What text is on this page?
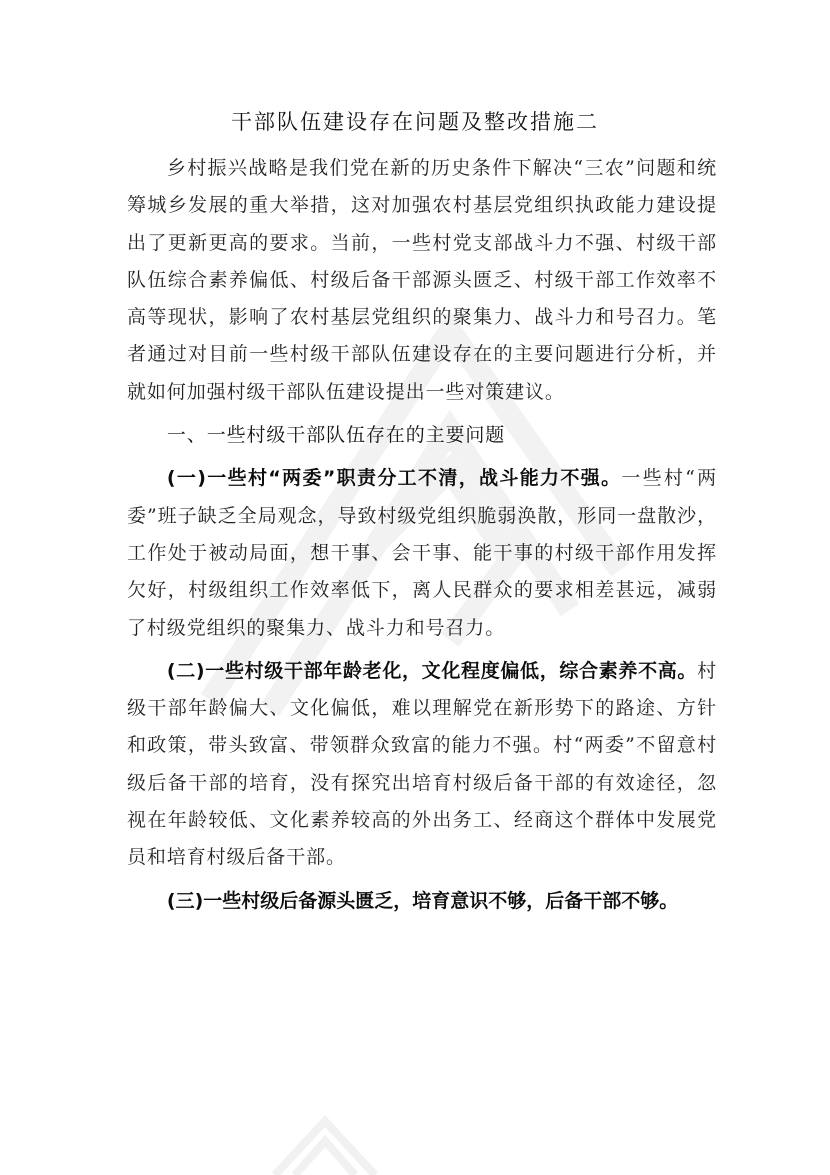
干部队伍建设存在问题及整改措施二

乡村振兴战略是我们党在新的历史条件下解决“三农”问题和统筹城乡发展的重大举措，这对加强农村基层党组织执政能力建设提出了更新更高的要求。当前，一些村党支部战斗力不强、村级干部队伍综合素养偏低、村级后备干部源头匮乏、村级干部工作效率不高等现状，影响了农村基层党组织的聚集力、战斗力和号召力。笔者通过对目前一些村级干部队伍建设存在的主要问题进行分析，并就如何加强村级干部队伍建设提出一些对策建议。

一、一些村级干部队伍存在的主要问题

(一)一些村“两委”职责分工不清，战斗能力不强。一些村“两委”班子缺乏全局观念，导致村级党组织脆弱涣散，形同一盘散沙，工作处于被动局面，想干事、会干事、能干事的村级干部作用发挥欠好，村级组织工作效率低下，离人民群众的要求相差甚远，减弱了村级党组织的聚集力、战斗力和号召力。

(二)一些村级干部年龄老化，文化程度偏低，综合素养不高。村级干部年龄偏大、文化偏低，难以理解党在新形势下的路途、方针和政策，带头致富、带领群众致富的能力不强。村“两委”不留意村级后备干部的培育，没有探究出培育村级后备干部的有效途径，忽视在年龄较低、文化素养较高的外出务工、经商这个群体中发展党员和培育村级后备干部。

(三)一些村级后备源头匮乏，培育意识不够，后备干部不够。
